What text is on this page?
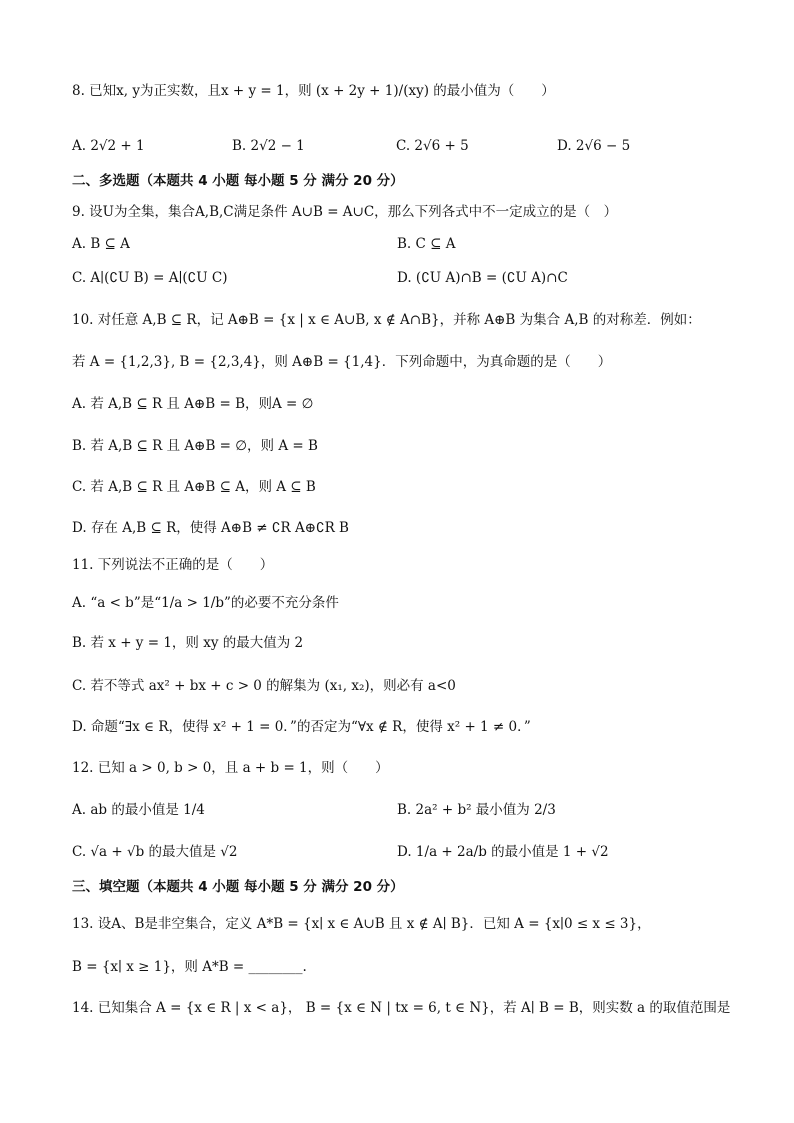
8. 已知x, y为正实数，且x + y = 1，则 (x + 2y + 1)/(xy) 的最小值为（　　）
A. 2√2 + 1	B. 2√2 − 1	C. 2√6 + 5	D. 2√6 − 5
二、多选题（本题共 4 小题 每小题 5 分 满分 20 分）
9. 设U为全集，集合A,B,C满足条件 A∪B = A∪C，那么下列各式中不一定成立的是（　）
A. B ⊆ A	B. C ⊆ A
C. A∣(∁U B) = A∣(∁U C)	D. (∁U A)∩B = (∁U A)∩C
10. 对任意 A,B ⊆ R，记 A⊕B = {x | x ∈ A∪B, x ∉ A∩B}，并称 A⊕B 为集合 A,B 的对称差．例如：
若 A = {1,2,3}, B = {2,3,4}，则 A⊕B = {1,4}．下列命题中，为真命题的是（　　）
A. 若 A,B ⊆ R 且 A⊕B = B，则A = ∅
B. 若 A,B ⊆ R 且 A⊕B = ∅，则 A = B
C. 若 A,B ⊆ R 且 A⊕B ⊆ A，则 A ⊆ B
D. 存在 A,B ⊆ R，使得 A⊕B ≠ ∁R A⊕∁R B
11. 下列说法不正确的是（　　）
A. “a < b”是“1/a > 1/b”的必要不充分条件
B. 若 x + y = 1，则 xy 的最大值为 2
C. 若不等式 ax² + bx + c > 0 的解集为 (x₁, x₂)，则必有 a<0
D. 命题“∃x ∈ R，使得 x² + 1 = 0．”的否定为“∀x ∉ R，使得 x² + 1 ≠ 0．”
12. 已知 a > 0, b > 0，且 a + b = 1，则（　　）
A. ab 的最小值是 1/4	B. 2a² + b² 最小值为 2/3
C. √a + √b 的最大值是 √2	D. 1/a + 2a/b 的最小值是 1 + √2
三、填空题（本题共 4 小题 每小题 5 分 满分 20 分）
13. 设A、B是非空集合，定义 A*B = {x∣ x ∈ A∪B 且 x ∉ A∣ B}．已知 A = {x∣0 ≤ x ≤ 3}，
B = {x∣ x ≥ 1}，则 A*B = ________.
14. 已知集合 A = {x ∈ R | x < a}， B = {x ∈ N | tx = 6, t ∈ N}，若 A∣ B = B，则实数 a 的取值范围是
